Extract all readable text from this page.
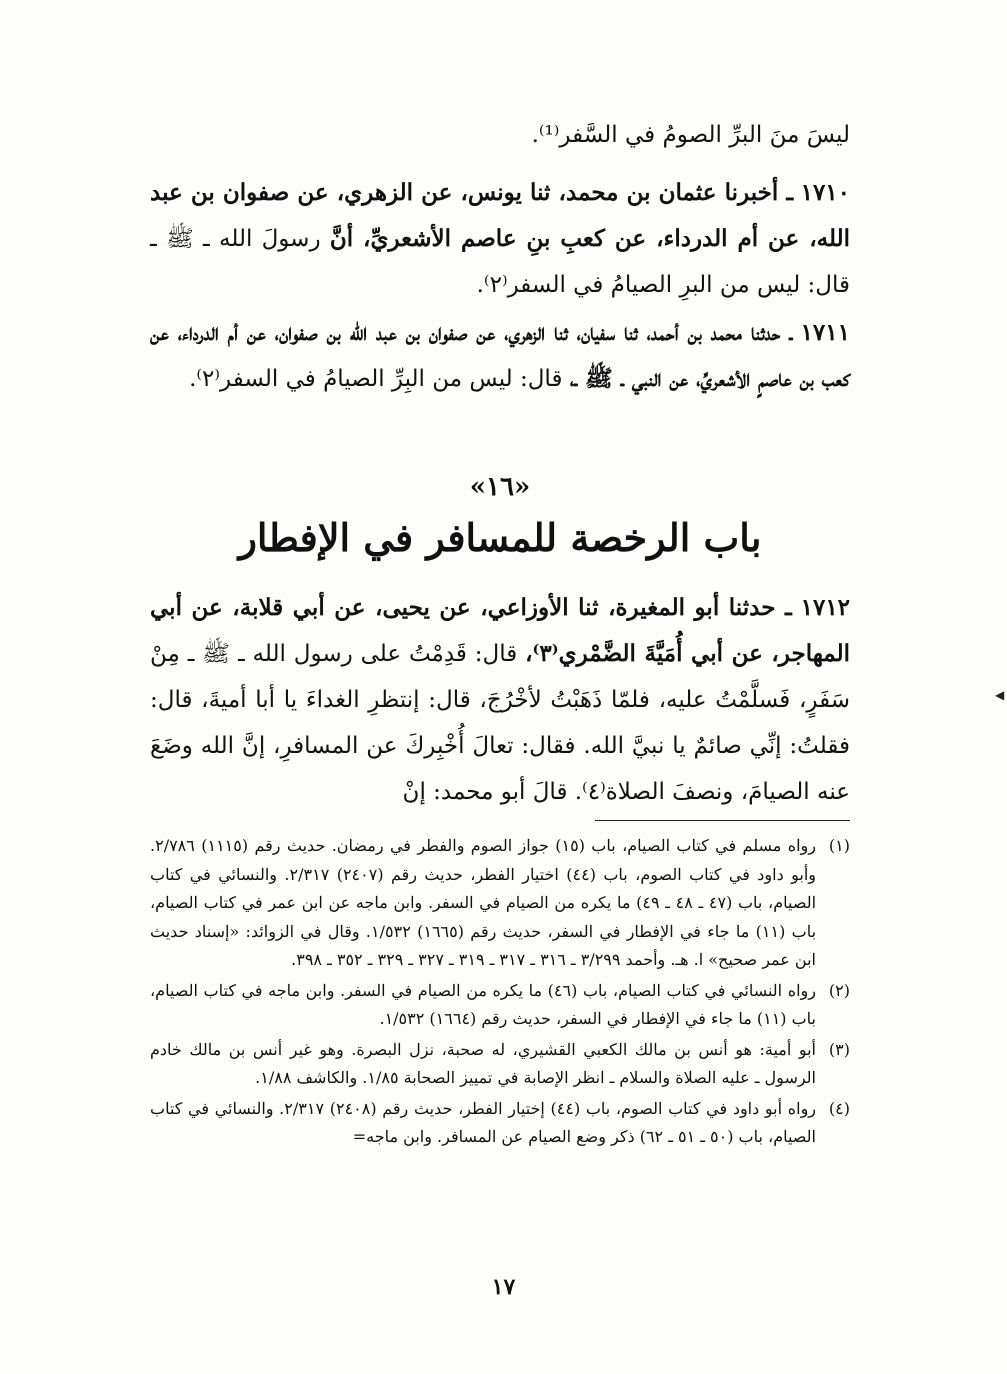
ليسَ منَ البرِّ الصومُ في السَّفر⁽¹⁾.

١٧١٠ ـ أخبرنا عثمان بن محمد، ثنا يونس، عن الزهري، عن صفوان بن عبد الله، عن أم الدرداء، عن كعبِ بنِ عاصم الأشعريِّ، أنَّ رسولَ الله ـ ﷺ ـ قال: ليس من البرِ الصيامُ في السفر⁽٢⁾.

١٧١١ ـ حدثنا محمد بن أحمد، ثنا سفيان، ثنا الزهري، عن صفوان بن عبد الله بن صفوان، عن أم الدرداء، عن كعب بن عاصمٍ الأشعريِّ، عن النبي ـ ﷺ ـ، قال: ليس من البِرِّ الصيامُ في السفر⁽٢⁾.

«١٦»
باب الرخصة للمسافر في الإفطار

١٧١٢ ـ حدثنا أبو المغيرة، ثنا الأوزاعي، عن يحيى، عن أبي قلابة، عن أبي المهاجر، عن أبي أُمَيَّةَ الضَّمْري⁽٣⁾، قال: قَدِمْتُ على رسول الله ـ ﷺ ـ مِنْ سَفَرٍ، فَسلَّمْتُ عليه، فلمّا ذَهَبْتُ لأخْرُجَ، قال: إنتظرِ الغداءَ يا أبا أميةَ، قال: فقلتُ: إنِّي صائمٌ يا نبيَّ الله. فقال: تعالَ أُخْبِركَ عن المسافرِ، إنَّ الله وضَعَ عنه الصيامَ، ونصفَ الصلاة⁽٤⁾. قالَ أبو محمد: إنْ

(١)
رواه مسلم في كتاب الصيام، باب (١٥) جواز الصوم والفطر في رمضان. حديث رقم (١١١٥) ٢/٧٨٦. وأبو داود في كتاب الصوم، باب (٤٤) اختيار الفطر، حديث رقم (٢٤٠٧) ٢/٣١٧. والنسائي في كتاب الصيام، باب (٤٧ ـ ٤٨ ـ ٤٩) ما يكره من الصيام في السفر. وابن ماجه عن ابن عمر في كتاب الصيام، باب (١١) ما جاء في الإفطار في السفر، حديث رقم (١٦٦٥) ١/٥٣٢. وقال في الزوائد: «إسناد حديث ابن عمر صحيح» ا. هـ. وأحمد ٣/٢٩٩ ـ ٣١٦ ـ ٣١٧ ـ ٣١٩ ـ ٣٢٧ ـ ٣٢٩ ـ ٣٥٢ ـ ٣٩٨.
(٢)
رواه النسائي في كتاب الصيام، باب (٤٦) ما يكره من الصيام في السفر. وابن ماجه في كتاب الصيام، باب (١١) ما جاء في الإفطار في السفر، حديث رقم (١٦٦٤) ١/٥٣٢.
(٣)
أبو أمية: هو أنس بن مالك الكعبي القشيري، له صحبة، نزل البصرة. وهو غير أنس بن مالك خادم الرسول ـ عليه الصلاة والسلام ـ انظر الإصابة في تمييز الصحابة ١/٨٥. والكاشف ١/٨٨.
(٤)
رواه أبو داود في كتاب الصوم، باب (٤٤) إختيار الفطر، حديث رقم (٢٤٠٨) ٢/٣١٧. والنسائي في كتاب الصيام، باب (٥٠ ـ ٥١ ـ ٦٢) ذكر وضع الصيام عن المسافر. وابن ماجه=
١٧
◀
